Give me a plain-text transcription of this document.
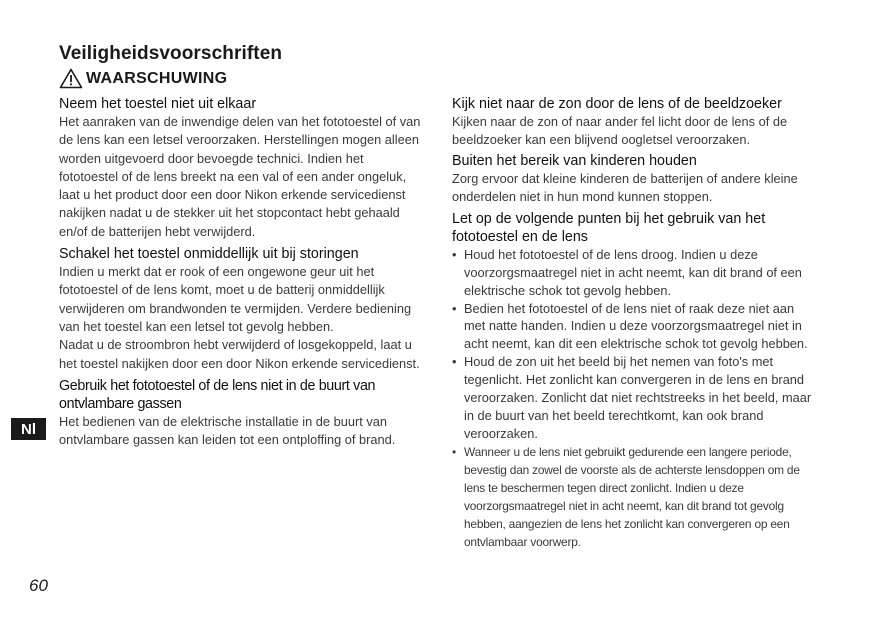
Veiligheidsvoorschriften
WAARSCHUWING
Neem het toestel niet uit elkaar

Het aanraken van de inwendige delen van het fototoestel of van de lens kan een letsel veroorzaken. Herstellingen mogen alleen worden uitgevoerd door bevoegde technici. Indien het fototoestel of de lens breekt na een val of een ander ongeluk, laat u het product door een door Nikon erkende servicedienst nakijken nadat u de stekker uit het stopcontact hebt gehaald en/of de batterijen hebt verwijderd.

Schakel het toestel onmiddellijk uit bij storingen

Indien u merkt dat er rook of een ongewone geur uit het fototoestel of de lens komt, moet u de batterij onmiddellijk verwijderen om brandwonden te vermijden. Verdere bediening van het toestel kan een letsel tot gevolg hebben.

Nadat u de stroombron hebt verwijderd of losgekoppeld, laat u het toestel nakijken door een door Nikon erkende servicedienst.

Gebruik het fototoestel of de lens niet in de buurt van ontvlambare gassen

Het bedienen van de elektrische installatie in de buurt van ontvlambare gassen kan leiden tot een ontploffing of brand.

Kijk niet naar de zon door de lens of de beeldzoeker

Kijken naar de zon of naar ander fel licht door de lens of de beeldzoeker kan een blijvend oogletsel veroorzaken.

Buiten het bereik van kinderen houden

Zorg ervoor dat kleine kinderen de batterijen of andere kleine onderdelen niet in hun mond kunnen stoppen.

Let op de volgende punten bij het gebruik van het fototoestel en de lens
• Houd het fototoestel of de lens droog. Indien u deze voorzorgsmaatregel niet in acht neemt, kan dit brand of een elektrische schok tot gevolg hebben.
• Bedien het fototoestel of de lens niet of raak deze niet aan met natte handen. Indien u deze voorzorgsmaatregel niet in acht neemt, kan dit een elektrische schok tot gevolg hebben.
• Houd de zon uit het beeld bij het nemen van foto's met tegenlicht. Het zonlicht kan convergeren in de lens en brand veroorzaken. Zonlicht dat niet rechtstreeks in het beeld, maar in de buurt van het beeld terechtkomt, kan ook brand veroorzaken.
• Wanneer u de lens niet gebruikt gedurende een langere periode, bevestig dan zowel de voorste als de achterste lensdoppen om de lens te beschermen tegen direct zonlicht. Indien u deze voorzorgsmaatregel niet in acht neemt, kan dit brand tot gevolg hebben, aangezien de lens het zonlicht kan convergeren op een ontvlambaar voorwerp.
Nl
60
